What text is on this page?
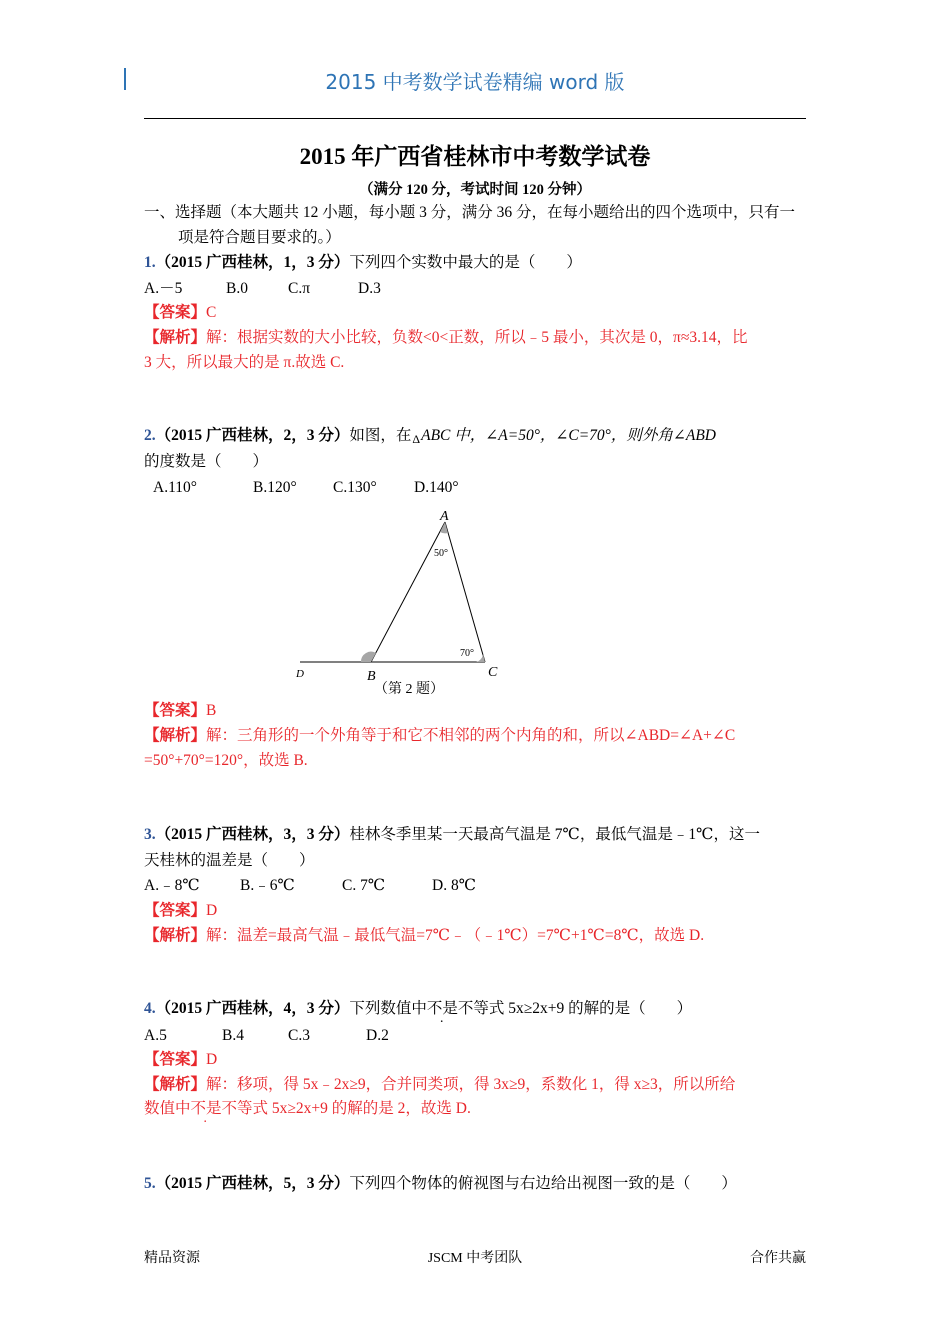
2015 中考数学试卷精编 word 版
2015 年广西省桂林市中考数学试卷
（满分 120 分，考试时间 120 分钟）
一、选择题（本大题共 12 小题，每小题 3 分，满分 36 分，在每小题给出的四个选项中，只有一
项是符合题目要求的。）
1.（2015 广西桂林，1，3 分）下列四个实数中最大的是（　　）
A.－5	B.0	C.π	D.3
【答案】C
【解析】解：根据实数的大小比较，负数<0<正数，所以﹣5 最小，其次是 0，π≈3.14，比
3 大，所以最大的是 π.故选 C.
2.（2015 广西桂林，2，3 分）如图，在ΔABC 中，∠A=50°，∠C=70°，则外角∠ABD
的度数是（　　）
A.110°	B.120° C.130° D.140°
A
50°
70°
D	B	C
（第 2 题）
【答案】B
【解析】解：三角形的一个外角等于和它不相邻的两个内角的和，所以∠ABD=∠A+∠C
=50°+70°=120°，故选 B.
3.（2015 广西桂林，3，3 分）桂林冬季里某一天最高气温是 7℃，最低气温是﹣1℃，这一
天桂林的温差是（　　）
A.﹣8℃	B.﹣6℃	C. 7℃	D. 8℃
【答案】D
【解析】解：温差=最高气温﹣最低气温=7℃﹣（﹣1℃）=7℃+1℃=8℃，故选 D.
4.（2015 广西桂林，4，3 分）下列数值中不是不等式 5x≥2x+9 的解的是（　　）
A.5	B.4	C.3	D.2
【答案】D
【解析】解：移项，得 5x﹣2x≥9，合并同类项，得 3x≥9，系数化 1，得 x≥3，所以所给
数值中不是不等式 5x≥2x+9 的解的是 2，故选 D.
5.（2015 广西桂林，5，3 分）下列四个物体的俯视图与右边给出视图一致的是（　　）
精品资源	JSCM 中考团队	合作共赢
